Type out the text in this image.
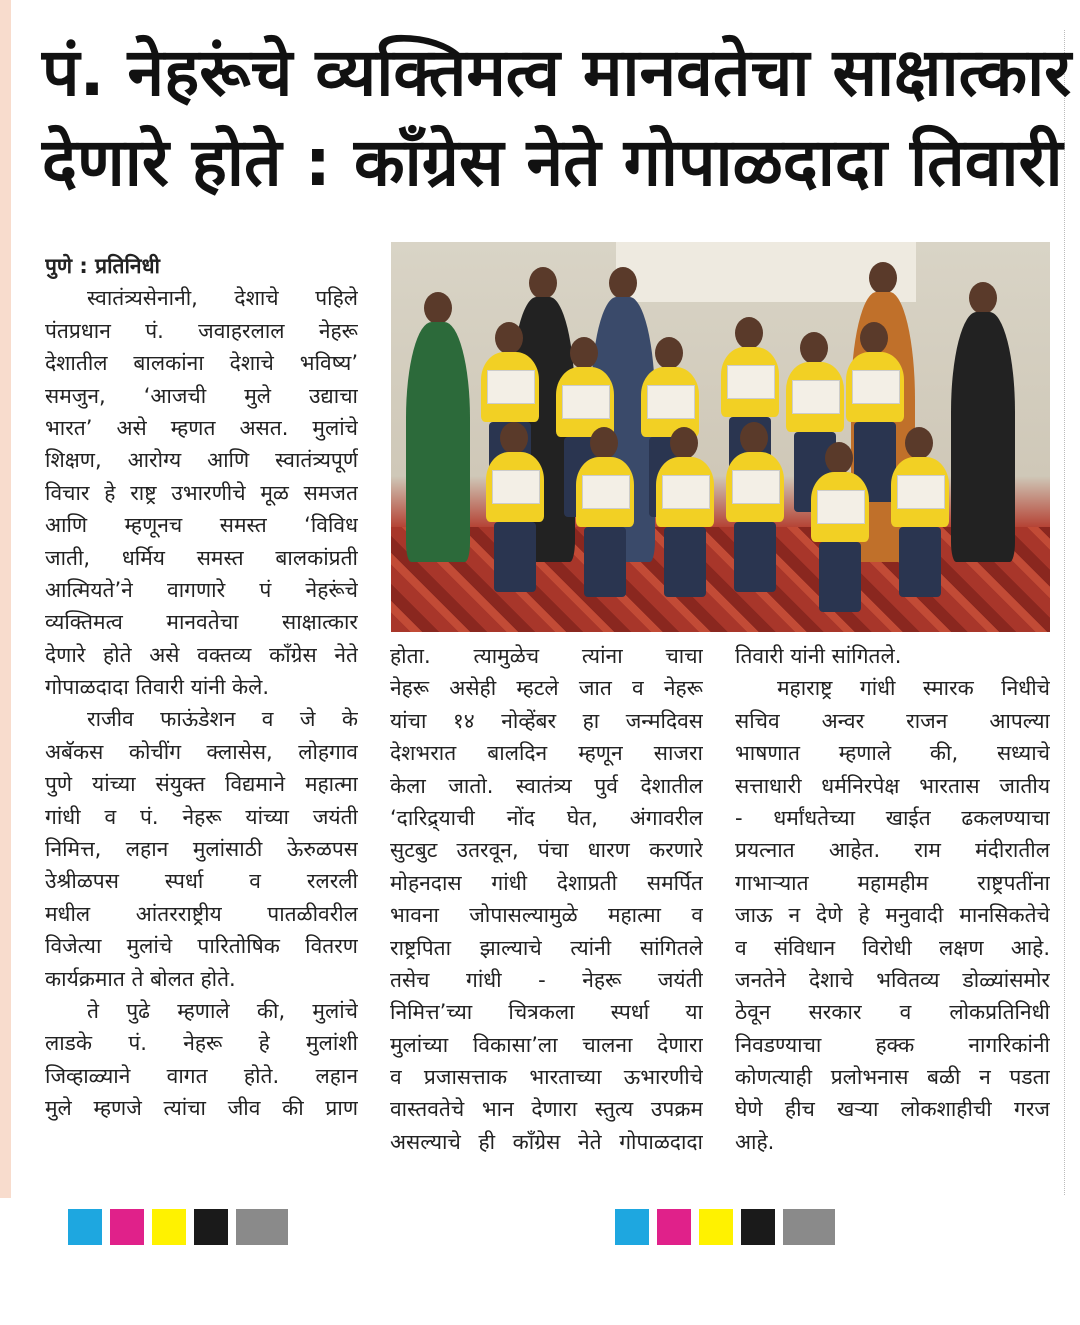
पं. नेहरूंचे व्यक्तिमत्व मानवतेचा साक्षात्कार
देणारे होते : काँग्रेस नेते गोपाळदादा तिवारी
पुणे : प्रतिनिधी
स्वातंत्र्यसेनानी, देशाचे पहिले
पंतप्रधान पं. जवाहरलाल नेहरू
देशातील बालकांना देशाचे भविष्य’
समजुन, ‘आजची मुले उद्याचा
भारत’ असे म्हणत असत. मुलांचे
शिक्षण, आरोग्य आणि स्वातंत्र्यपूर्ण
विचार हे राष्ट्र उभारणीचे मूळ समजत
आणि म्हणूनच समस्त ‘विविध
जाती, धर्मिय समस्त बालकांप्रती
आत्मियते’ने वागणारे पं नेहरूंचे
व्यक्तिमत्व मानवतेचा साक्षात्कार
देणारे होते असे वक्तव्य काँग्रेस नेते
गोपाळदादा तिवारी यांनी केले.
राजीव फाऊंडेशन व जे के
अबॅकस कोचींग क्लासेस, लोहगाव
पुणे यांच्या संयुक्त विद्यमाने महात्मा
गांधी व पं. नेहरू यांच्या जयंती
निमित्त, लहान मुलांसाठी ऊेरुळपस
उेश्रीळपस स्पर्धा व रलरली
मधील आंतरराष्ट्रीय पातळीवरील
विजेत्या मुलांचे पारितोषिक वितरण
कार्यक्रमात ते बोलत होते.
ते पुढे म्हणाले की, मुलांचे
लाडके पं. नेहरू हे मुलांशी
जिव्हाळ्याने वागत होते. लहान
मुले म्हणजे त्यांचा जीव की प्राण
होता. त्यामुळेच त्यांना चाचा
नेहरू असेही म्हटले जात व नेहरू
यांचा १४ नोव्हेंबर हा जन्मदिवस
देशभरात बालदिन म्हणून साजरा
केला जातो. स्वातंत्र्य पुर्व देशातील
‘दारिद्र्याची नोंद घेत, अंगावरील
सुटबुट उतरवून, पंचा धारण करणारे
मोहनदास गांधी देशाप्रती समर्पित
भावना जोपासल्यामुळे महात्मा व
राष्ट्रपिता झाल्याचे त्यांनी सांगितले
तसेच गांधी - नेहरू जयंती
निमित्त’च्या चित्रकला स्पर्धा या
मुलांच्या विकासा’ला चालना देणारा
व प्रजासत्ताक भारताच्या ऊभारणीचे
वास्तवतेचे भान देणारा स्तुत्य उपक्रम
असल्याचे ही काँग्रेस नेते गोपाळदादा
तिवारी यांनी सांगितले.
महाराष्ट्र गांधी स्मारक निधीचे
सचिव अन्वर राजन आपल्या
भाषणात म्हणाले की, सध्याचे
सत्ताधारी धर्मनिरपेक्ष भारतास जातीय
- धर्मांधतेच्या खाईत ढकलण्याचा
प्रयत्नात आहेत. राम मंदीरातील
गाभाऱ्यात महामहीम राष्ट्रपतींना
जाऊ न देणे हे मनुवादी मानसिकतेचे
व संविधान विरोधी लक्षण आहे.
जनतेने देशाचे भवितव्य डोळ्यांसमोर
ठेवून सरकार व लोकप्रतिनिधी
निवडण्याचा हक्क नागरिकांनी
कोणत्याही प्रलोभनास बळी न पडता
घेणे हीच खऱ्या लोकशाहीची गरज
आहे.
